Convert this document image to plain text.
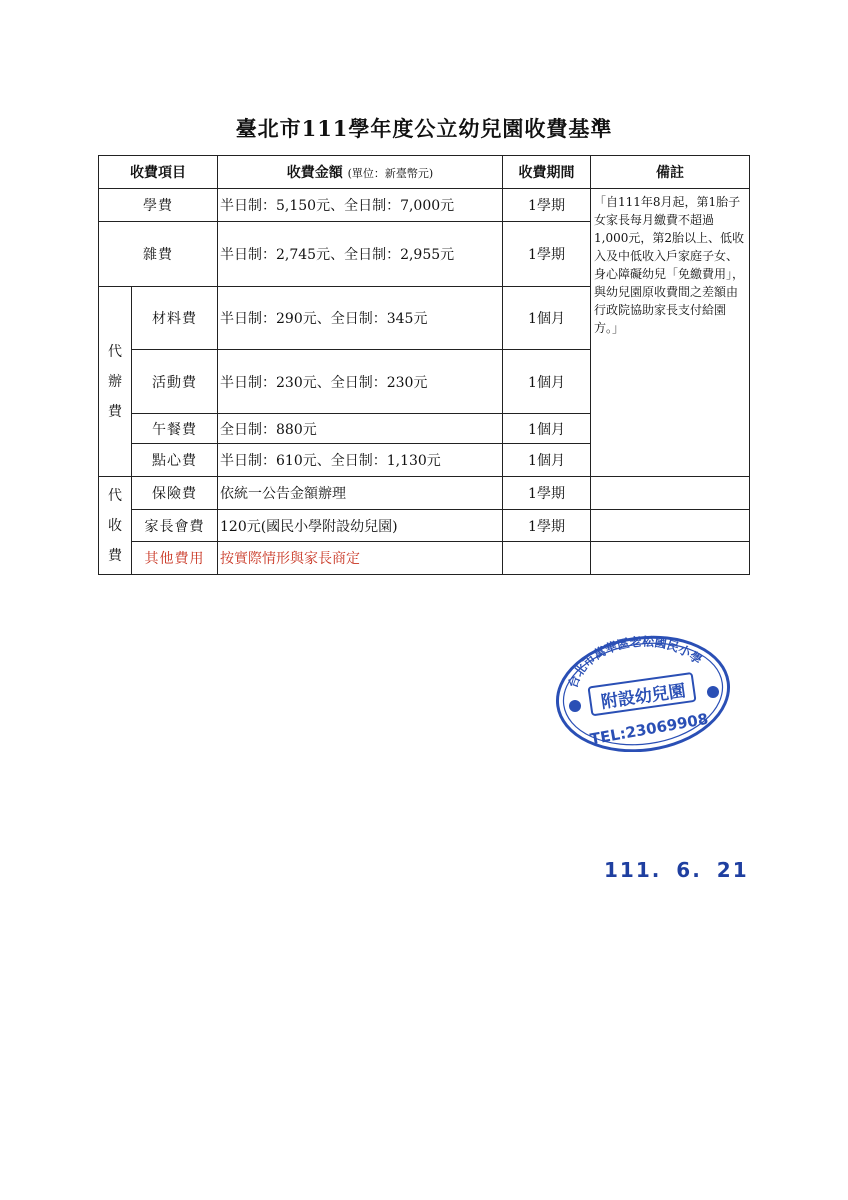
臺北市111學年度公立幼兒園收費基準
收費項目		收費金額 (單位：新臺幣元)	收費期間	備註
學費		半日制：5,150元、全日制：7,000元	1學期	「自111年8月起，第1胎子女家長每月繳費不超過1,000元，第2胎以上、低收入及中低收入戶家庭子女、身心障礙幼兒「免繳費用」，與幼兒園原收費間之差額由行政院協助家長支付給園方。」
雜費		半日制：2,745元、全日制：2,955元	1學期	

代
辦
費	材料費	半日制：290元、全日制：345元	1個月	
	活動費	半日制：230元、全日制：230元	1個月	
	午餐費	全日制：880元	1個月	
	點心費	半日制：610元、全日制：1,130元	1個月	

代
收
費	保險費	依統一公告金額辦理	1學期	
	家長會費	120元(國民小學附設幼兒園)	1學期	
	其他費用	按實際情形與家長商定		
台北市萬華區老松國民小學
附設幼兒園
TEL:23069908
111. 6. 21
